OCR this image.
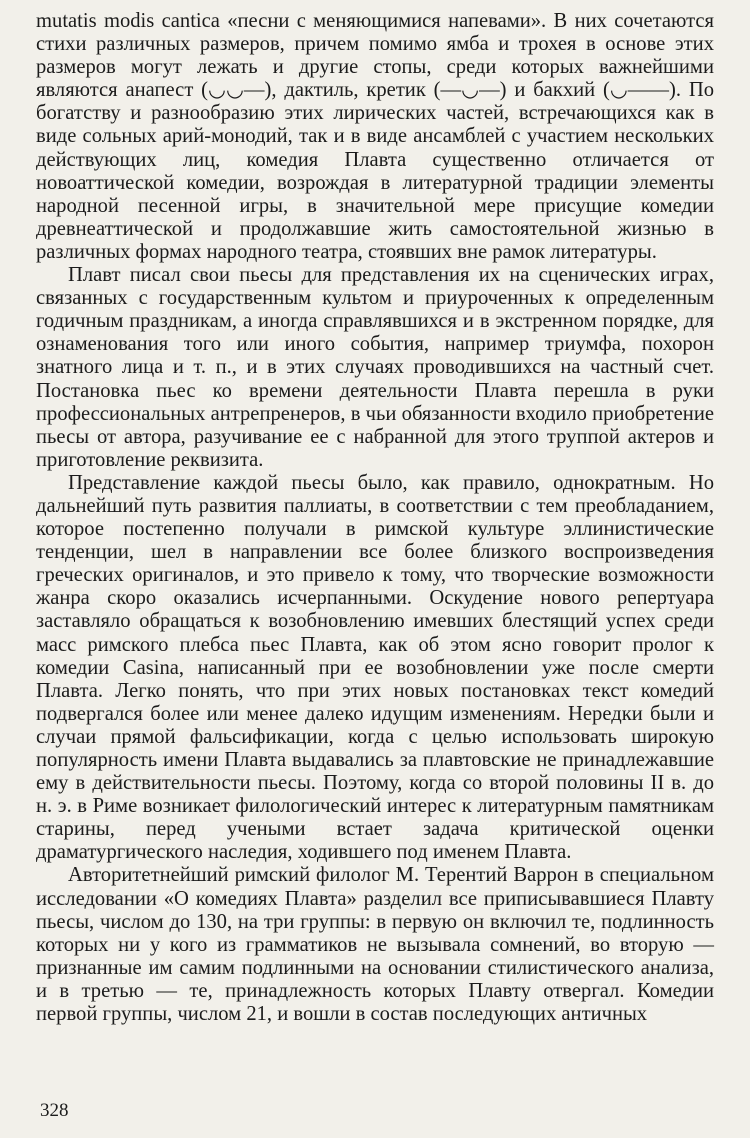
mutatis modis cantica «песни с меняющимися напевами». В них сочетаются стихи различных размеров, причем помимо ямба и трохея в основе этих размеров могут лежать и другие стопы, среди которых важнейшими являются анапест (◡◡—), дактиль, кретик (—◡—) и бакхий (◡——). По богатству и разнообразию этих лирических частей, встречающихся как в виде сольных арий-монодий, так и в виде ансамблей с участием нескольких действующих лиц, комедия Плавта существенно отличается от новоаттической комедии, возрождая в литературной традиции элементы народной песенной игры, в значительной мере присущие комедии древнеаттической и продолжавшие жить самостоятельной жизнью в различных формах народного театра, стоявших вне рамок литературы.

Плавт писал свои пьесы для представления их на сценических играх, связанных с государственным культом и приуроченных к определенным годичным праздникам, а иногда справлявшихся и в экстренном порядке, для ознаменования того или иного события, например триумфа, похорон знатного лица и т. п., и в этих случаях проводившихся на частный счет. Постановка пьес ко времени деятельности Плавта перешла в руки профессиональных антрепренеров, в чьи обязанности входило приобретение пьесы от автора, разучивание ее с набранной для этого труппой актеров и приготовление реквизита.

Представление каждой пьесы было, как правило, однократным. Но дальнейший путь развития паллиаты, в соответствии с тем преобладанием, которое постепенно получали в римской культуре эллинистические тенденции, шел в направлении все более близкого воспроизведения греческих оригиналов, и это привело к тому, что творческие возможности жанра скоро оказались исчерпанными. Оскудение нового репертуара заставляло обращаться к возобновлению имевших блестящий успех среди масс римского плебса пьес Плавта, как об этом ясно говорит пролог к комедии Casina, написанный при ее возобновлении уже после смерти Плавта. Легко понять, что при этих новых постановках текст комедий подвергался более или менее далеко идущим изменениям. Нередки были и случаи прямой фальсификации, когда с целью использовать широкую популярность имени Плавта выдавались за плавтовские не принадлежавшие ему в действительности пьесы. Поэтому, когда со второй половины II в. до н. э. в Риме возникает филологический интерес к литературным памятникам старины, перед учеными встает задача критической оценки драматургического наследия, ходившего под именем Плавта.

Авторитетнейший римский филолог М. Терентий Варрон в специальном исследовании «О комедиях Плавта» разделил все приписывавшиеся Плавту пьесы, числом до 130, на три группы: в первую он включил те, подлинность которых ни у кого из грамматиков не вызывала сомнений, во вторую — признанные им самим подлинными на основании стилистического анализа, и в третью — те, принадлежность которых Плавту отвергал. Комедии первой группы, числом 21, и вошли в состав последующих античных

328
